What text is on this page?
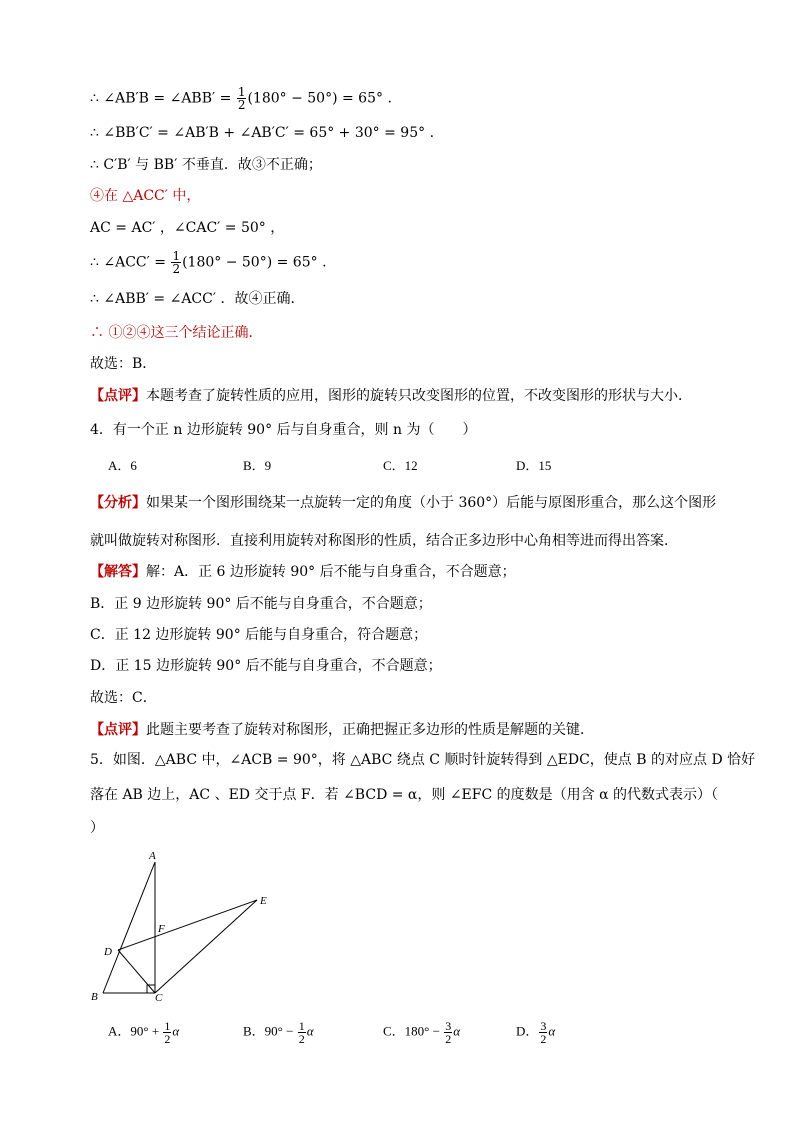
∴ ∠AB′B = ∠ABB′ = $\frac{1}{2} (180^\circ - 50^\circ) = 65^\circ$ .
∴ ∠BB′C′ = ∠AB′B + ∠AB′C′ = 65° + 30° = 95° .
∴ C′B′ 与 BB′ 不垂直．故③不正确；
④在 △ACC′ 中，
AC = AC′ ，∠CAC′ = 50° ，
∴ ∠ACC′ = $\frac{1}{2} (180^\circ - 50^\circ) = 65^\circ$ .
∴ ∠ABB′ = ∠ACC′ ．故④正确．
∴ ①②④这三个结论正确．
故选：B．
【点评】本题考查了旋转性质的应用，图形的旋转只改变图形的位置，不改变图形的形状与大小．
4．有一个正 n 边形旋转 90° 后与自身重合，则 n 为（　　）
A．6	B．9	C．12	D．15
【分析】如果某一个图形围绕某一点旋转一定的角度（小于 360°）后能与原图形重合，那么这个图形
就叫做旋转对称图形．直接利用旋转对称图形的性质，结合正多边形中心角相等进而得出答案．
【解答】解：A．正 6 边形旋转 90° 后不能与自身重合，不合题意；
B．正 9 边形旋转 90° 后不能与自身重合，不合题意；
C．正 12 边形旋转 90° 后能与自身重合，符合题意；
D．正 15 边形旋转 90° 后不能与自身重合，不合题意；
故选：C．
【点评】此题主要考查了旋转对称图形，正确把握正多边形的性质是解题的关键．
5．如图．△ABC 中，∠ACB = 90°，将 △ABC 绕点 C 顺时针旋转得到 △EDC，使点 B 的对应点 D 恰好
落在 AB 边上，AC 、ED 交于点 F．若 ∠BCD = α，则 ∠EFC 的度数是（用含 α 的代数式表示）（
）
A
E
F
D
B	C
A．$90^\circ + \frac{1}{2}$ α	B．$90^\circ - \frac{1}{2}$ α	C．$180^\circ - \frac{3}{2}$ α	D． $\frac{3}{2}$ α
